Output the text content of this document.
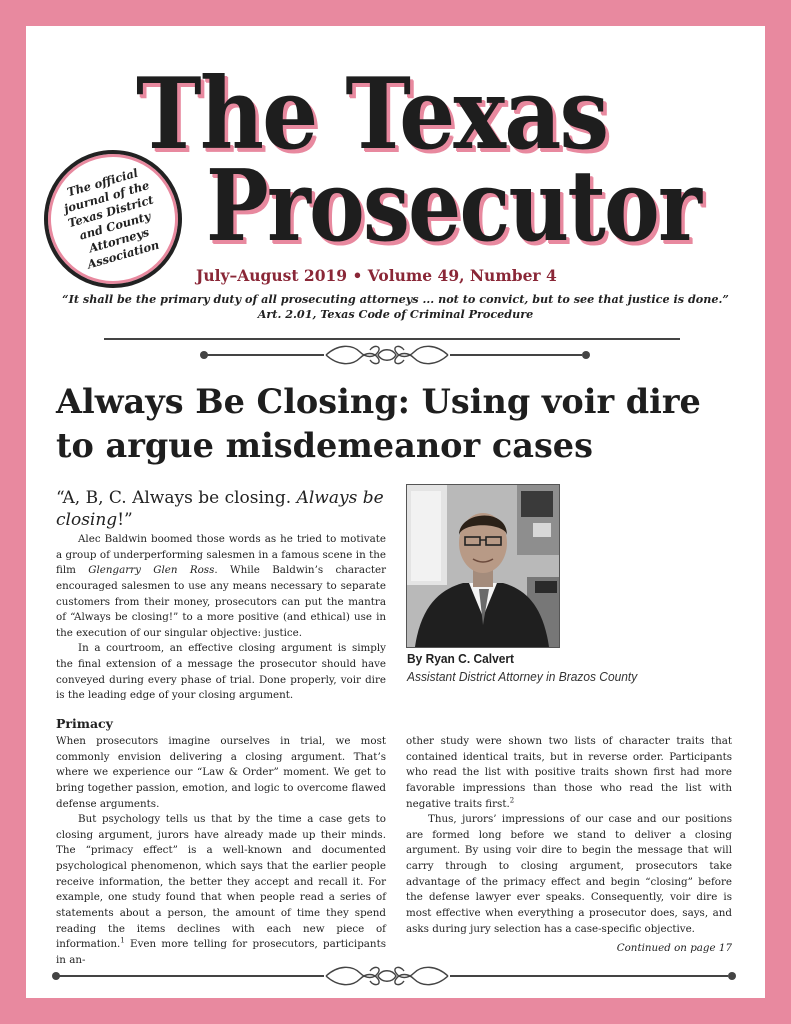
The Texas
Prosecutor
The official journal of the Texas District and County Attorneys Association
July–August 2019 • Volume 49, Number 4
“It shall be the primary duty of all prosecuting attorneys ... not to convict, but to see that justice is done.”
Art. 2.01, Texas Code of Criminal Procedure
Always Be Closing: Using voir dire to argue misdemeanor cases
“A, B, C. Always be closing. Always be closing!”

Alec Baldwin boomed those words as he tried to motivate a group of underperforming salesmen in a famous scene in the film Glengarry Glen Ross. While Baldwin’s character encouraged salesmen to use any means necessary to separate customers from their money, prosecutors can put the mantra of “Always be closing!” to a more positive (and ethical) use in the execution of our singular objective: justice.

In a courtroom, an effective closing argument is simply the final extension of a message the prosecutor should have conveyed during every phase of trial. Done properly, voir dire is the leading edge of your closing argument.

By Ryan C. Calvert
Assistant District Attorney in Brazos County
Primacy

When prosecutors imagine ourselves in trial, we most commonly envision delivering a closing argument. That’s where we experience our “Law & Order” moment. We get to bring together passion, emotion, and logic to overcome flawed defense arguments.

But psychology tells us that by the time a case gets to closing argument, jurors have already made up their minds. The “primacy effect” is a well-known and documented psychological phenomenon, which says that the earlier people receive information, the better they accept and recall it. For example, one study found that when people read a series of statements about a person, the amount of time they spend reading the items declines with each new piece of information.$^1$ Even more telling for prosecutors, participants in an-

other study were shown two lists of character traits that contained identical traits, but in reverse order. Participants who read the list with positive traits shown first had more favorable impressions than those who read the list with negative traits first.$^2$

Thus, jurors’ impressions of our case and our positions are formed long before we stand to deliver a closing argument. By using voir dire to begin the message that will carry through to closing argument, prosecutors take advantage of the primacy effect and begin “closing” before the defense lawyer ever speaks. Consequently, voir dire is most effective when everything a prosecutor does, says, and asks during jury selection has a case-specific objective.

Continued on page 17
